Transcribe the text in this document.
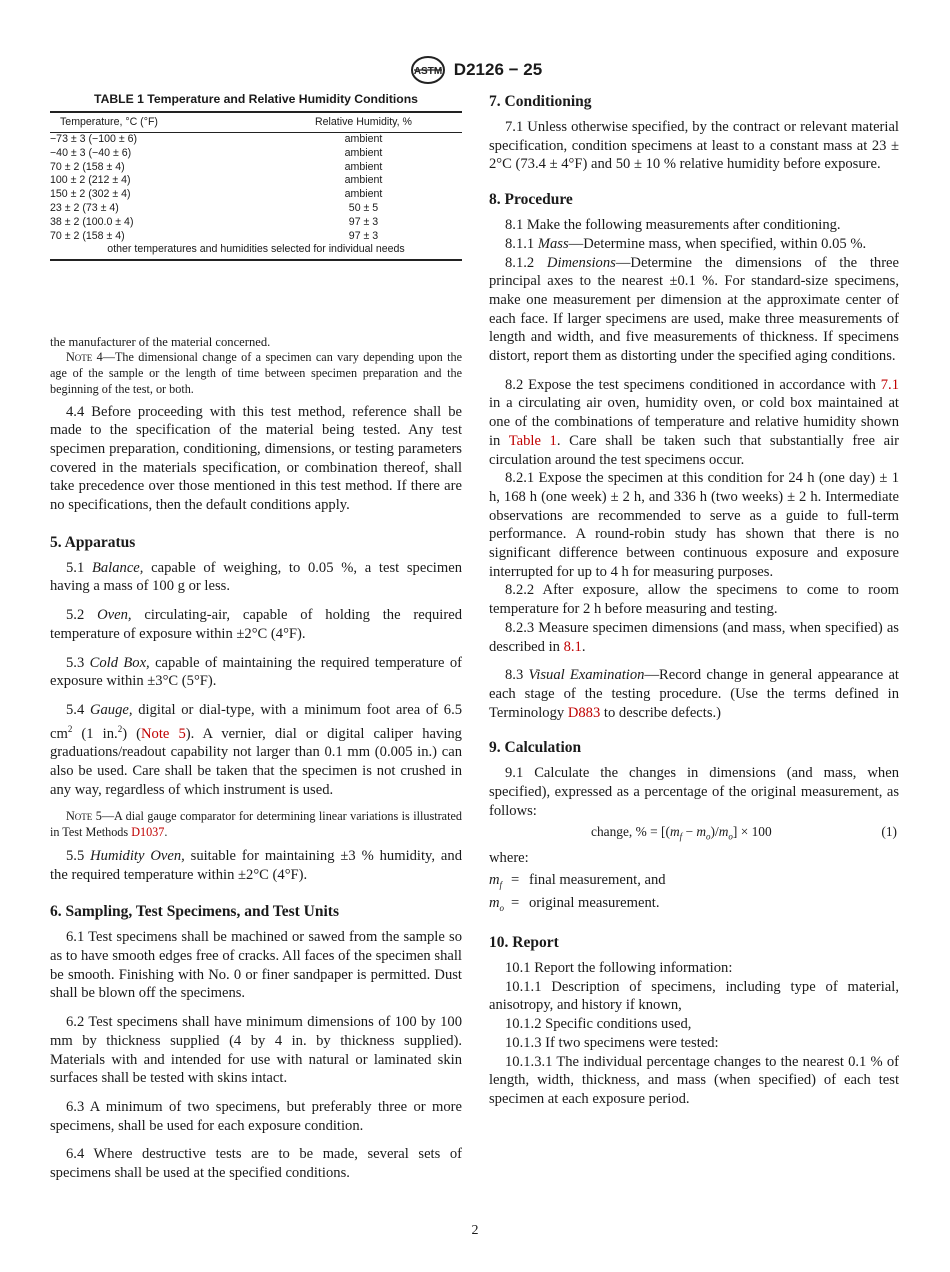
ASTM D2126 − 25
TABLE 1 Temperature and Relative Humidity Conditions
Temperature, °C (°F)	Relative Humidity, %
−73 ± 3 (−100 ± 6)	ambient
−40 ± 3 (−40 ± 6)	ambient
70 ± 2 (158 ± 4)	ambient
100 ± 2 (212 ± 4)	ambient
150 ± 2 (302 ± 4)	ambient
23 ± 2 (73 ± 4)	50 ± 5
38 ± 2 (100.0 ± 4)	97 ± 3
70 ± 2 (158 ± 4)	97 ± 3
other temperatures and humidities selected for individual needs	

the manufacturer of the material concerned.

Note 4—The dimensional change of a specimen can vary depending upon the age of the sample or the length of time between specimen preparation and the beginning of the test, or both.

4.4 Before proceeding with this test method, reference shall be made to the specification of the material being tested. Any test specimen preparation, conditioning, dimensions, or testing parameters covered in the materials specification, or combination thereof, shall take precedence over those mentioned in this test method. If there are no specifications, then the default conditions apply.

5. Apparatus

5.1 Balance, capable of weighing, to 0.05 %, a test specimen having a mass of 100 g or less.

5.2 Oven, circulating-air, capable of holding the required temperature of exposure within ±2°C (4°F).

5.3 Cold Box, capable of maintaining the required temperature of exposure within ±3°C (5°F).

5.4 Gauge, digital or dial-type, with a minimum foot area of 6.5 $cm^2$ (1 in.$^2$) (Note 5). A vernier, dial or digital caliper having graduations/readout capability not larger than 0.1 mm (0.005 in.) can also be used. Care shall be taken that the specimen is not crushed in any way, regardless of which instrument is used.

Note 5—A dial gauge comparator for determining linear variations is illustrated in Test Methods D1037.

5.5 Humidity Oven, suitable for maintaining ±3 % humidity, and the required temperature within ±2°C (4°F).

6. Sampling, Test Specimens, and Test Units

6.1 Test specimens shall be machined or sawed from the sample so as to have smooth edges free of cracks. All faces of the specimen shall be smooth. Finishing with No. 0 or finer sandpaper is permitted. Dust shall be blown off the specimens.

6.2 Test specimens shall have minimum dimensions of 100 by 100 mm by thickness supplied (4 by 4 in. by thickness supplied). Materials with and intended for use with natural or laminated skin surfaces shall be tested with skins intact.

6.3 A minimum of two specimens, but preferably three or more specimens, shall be used for each exposure condition.

6.4 Where destructive tests are to be made, several sets of specimens shall be used at the specified conditions.

7. Conditioning

7.1 Unless otherwise specified, by the contract or relevant material specification, condition specimens at least to a constant mass at 23 ± 2°C (73.4 ± 4°F) and 50 ± 10 % relative humidity before exposure.

8. Procedure

8.1 Make the following measurements after conditioning.

8.1.1 Mass—Determine mass, when specified, within 0.05 %.

8.1.2 Dimensions—Determine the dimensions of the three principal axes to the nearest ±0.1 %. For standard-size specimens, make one measurement per dimension at the approximate center of each face. If larger specimens are used, make three measurements of length and width, and five measurements of thickness. If specimens distort, report them as distorting under the specified aging conditions.

8.2 Expose the test specimens conditioned in accordance with 7.1 in a circulating air oven, humidity oven, or cold box maintained at one of the combinations of temperature and relative humidity shown in Table 1. Care shall be taken such that substantially free air circulation around the test specimens occur.

8.2.1 Expose the specimen at this condition for 24 h (one day) ± 1 h, 168 h (one week) ± 2 h, and 336 h (two weeks) ± 2 h. Intermediate observations are recommended to serve as a guide to full-term performance. A round-robin study has shown that there is no significant difference between continuous exposure and exposure interrupted for up to 4 h for measuring purposes.

8.2.2 After exposure, allow the specimens to come to room temperature for 2 h before measuring and testing.

8.2.3 Measure specimen dimensions (and mass, when specified) as described in 8.1.

8.3 Visual Examination—Record change in general appearance at each stage of the testing procedure. (Use the terms defined in Terminology D883 to describe defects.)

9. Calculation

9.1 Calculate the changes in dimensions (and mass, when specified), expressed as a percentage of the original measurement, as follows:

change, % = $[(m_f - m_o)/m_o] \times 100$	(1)

where:

$m_f$ = final measurement, and
$m_o$ = original measurement.
10. Report

10.1 Report the following information:

10.1.1 Description of specimens, including type of material, anisotropy, and history if known,

10.1.2 Specific conditions used,

10.1.3 If two specimens were tested:

10.1.3.1 The individual percentage changes to the nearest 0.1 % of length, width, thickness, and mass (when specified) of each test specimen at each exposure period.

2
